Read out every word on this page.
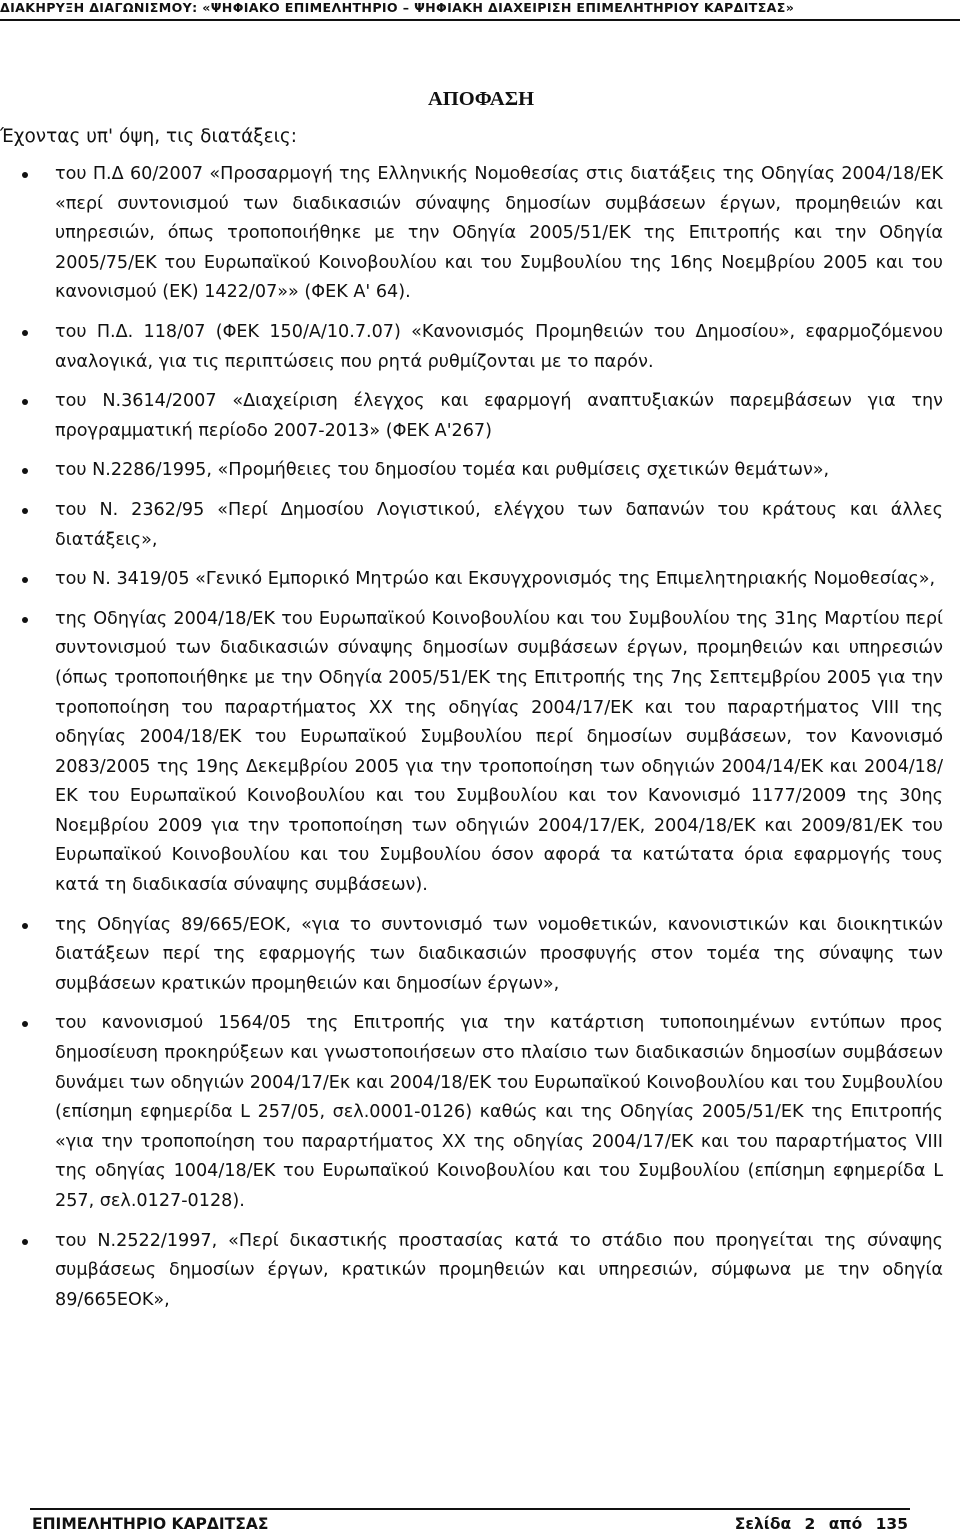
ΔΙΑΚΗΡΥΞΗ ΔΙΑΓΩΝΙΣΜΟΥ: «ΨΗΦΙΑΚΟ ΕΠΙΜΕΛΗΤΗΡΙΟ – ΨΗΦΙΑΚΗ ΔΙΑΧΕΙΡΙΣΗ ΕΠΙΜΕΛΗΤΗΡΙΟΥ ΚΑΡΔΙΤΣΑΣ»
ΑΠΟΦΑΣΗ
Έχοντας υπ' όψη, τις διατάξεις:
του Π.Δ 60/2007 «Προσαρμογή της Ελληνικής Νομοθεσίας στις διατάξεις της Οδηγίας 2004/18/ΕΚ «περί συντονισμού των διαδικασιών σύναψης δημοσίων συμβάσεων έργων, προμηθειών και υπηρεσιών, όπως τροποποιήθηκε με την Οδηγία 2005/51/ΕΚ της Επιτροπής και την Οδηγία 2005/75/ΕΚ του Ευρωπαϊκού Κοινοβουλίου και του Συμβουλίου της 16ης Νοεμβρίου 2005 και του κανονισμού (ΕΚ) 1422/07»» (ΦΕΚ Α' 64).
του Π.Δ. 118/07 (ΦΕΚ 150/Α/10.7.07) «Κανονισμός Προμηθειών του Δημοσίου», εφαρμοζόμενου αναλογικά, για τις περιπτώσεις που ρητά ρυθμίζονται με το παρόν.
του Ν.3614/2007 «Διαχείριση έλεγχος και εφαρμογή αναπτυξιακών παρεμβάσεων για την προγραμματική περίοδο 2007-2013» (ΦΕΚ Α'267)
του Ν.2286/1995, «Προμήθειες του δημοσίου τομέα και ρυθμίσεις σχετικών θεμάτων»,
του Ν. 2362/95 «Περί Δημοσίου Λογιστικού, ελέγχου των δαπανών του κράτους και άλλες διατάξεις»,
του Ν. 3419/05 «Γενικό Εμπορικό Μητρώο και Εκσυγχρονισμός της Επιμελητηριακής Νομοθεσίας»,
της Οδηγίας 2004/18/ΕΚ του Ευρωπαϊκού Κοινοβουλίου και του Συμβουλίου της 31ης Μαρτίου περί συντονισμού των διαδικασιών σύναψης δημοσίων συμβάσεων έργων, προμηθειών και υπηρεσιών (όπως τροποποιήθηκε με την Οδηγία 2005/51/ΕΚ της Επιτροπής της 7ης Σεπτεμβρίου 2005 για την τροποποίηση του παραρτήματος ΧΧ της οδηγίας 2004/17/ΕΚ και του παραρτήματος VIII της οδηγίας 2004/18/ΕΚ του Ευρωπαϊκού Συμβουλίου περί δημοσίων συμβάσεων, τον Κανονισμό 2083/2005 της 19ης Δεκεμβρίου 2005 για την τροποποίηση των οδηγιών 2004/14/ΕΚ και 2004/18/ΕΚ του Ευρωπαϊκού Κοινοβουλίου και του Συμβουλίου και τον Κανονισμό 1177/2009 της 30ης Νοεμβρίου 2009 για την τροποποίηση των οδηγιών 2004/17/ΕΚ, 2004/18/ΕΚ και 2009/81/ΕΚ του Ευρωπαϊκού Κοινοβουλίου και του Συμβουλίου όσον αφορά τα κατώτατα όρια εφαρμογής τους κατά τη διαδικασία σύναψης συμβάσεων).
της Οδηγίας 89/665/ΕΟΚ, «για το συντονισμό των νομοθετικών, κανονιστικών και διοικητικών διατάξεων περί της εφαρμογής των διαδικασιών προσφυγής στον τομέα της σύναψης των συμβάσεων κρατικών προμηθειών και δημοσίων έργων»,
του κανονισμού 1564/05 της Επιτροπής για την κατάρτιση τυποποιημένων εντύπων προς δημοσίευση προκηρύξεων και γνωστοποιήσεων στο πλαίσιο των διαδικασιών δημοσίων συμβάσεων δυνάμει των οδηγιών 2004/17/Εκ και 2004/18/ΕΚ του Ευρωπαϊκού Κοινοβουλίου και του Συμβουλίου (επίσημη εφημερίδα L 257/05, σελ.0001-0126) καθώς και της Οδηγίας 2005/51/ΕΚ της Επιτροπής «για την τροποποίηση του παραρτήματος ΧΧ της οδηγίας 2004/17/ΕΚ και του παραρτήματος VIII της οδηγίας 1004/18/ΕΚ του Ευρωπαϊκού Κοινοβουλίου και του Συμβουλίου (επίσημη εφημερίδα L 257, σελ.0127-0128).
του Ν.2522/1997, «Περί δικαστικής προστασίας κατά το στάδιο που προηγείται της σύναψης συμβάσεως δημοσίων έργων, κρατικών προμηθειών και υπηρεσιών, σύμφωνα με την οδηγία 89/665ΕΟΚ»,
ΕΠΙΜΕΛΗΤΗΡΙΟ ΚΑΡΔΙΤΣΑΣ	Σελίδα 2 από 135
